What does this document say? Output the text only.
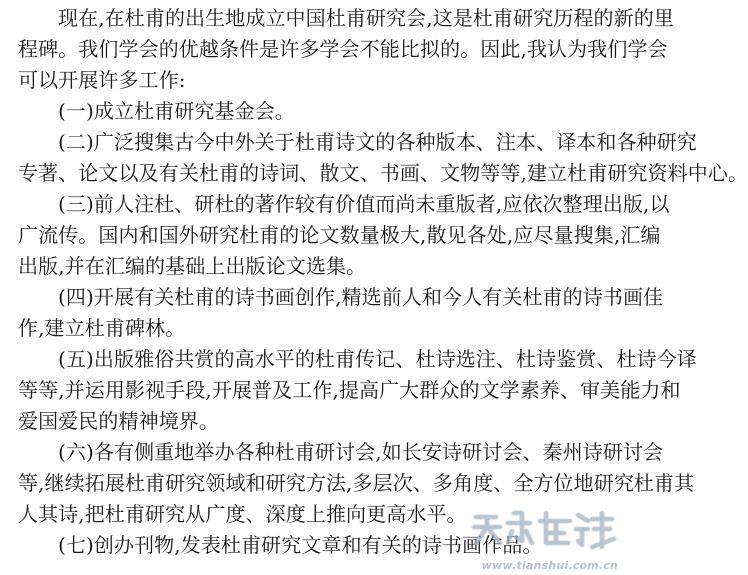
现在,在杜甫的出生地成立中国杜甫研究会,这是杜甫研究历程的新的里
程碑。我们学会的优越条件是许多学会不能比拟的。因此,我认为我们学会
可以开展许多工作:
(一)成立杜甫研究基金会。
(二)广泛搜集古今中外关于杜甫诗文的各种版本、注本、译本和各种研究
专著、论文以及有关杜甫的诗词、散文、书画、文物等等,建立杜甫研究资料中心。
(三)前人注杜、研杜的著作较有价值而尚未重版者,应依次整理出版,以
广流传。国内和国外研究杜甫的论文数量极大,散见各处,应尽量搜集,汇编
出版,并在汇编的基础上出版论文选集。
(四)开展有关杜甫的诗书画创作,精选前人和今人有关杜甫的诗书画佳
作,建立杜甫碑林。
(五)出版雅俗共赏的高水平的杜甫传记、杜诗选注、杜诗鉴赏、杜诗今译
等等,并运用影视手段,开展普及工作,提高广大群众的文学素养、审美能力和
爱国爱民的精神境界。
(六)各有侧重地举办各种杜甫研讨会,如长安诗研讨会、秦州诗研讨会
等,继续拓展杜甫研究领域和研究方法,多层次、多角度、全方位地研究杜甫其
人其诗,把杜甫研究从广度、深度上推向更高水平。
(七)创办刊物,发表杜甫研究文章和有关的诗书画作品。
www.tianshui.com.cn
